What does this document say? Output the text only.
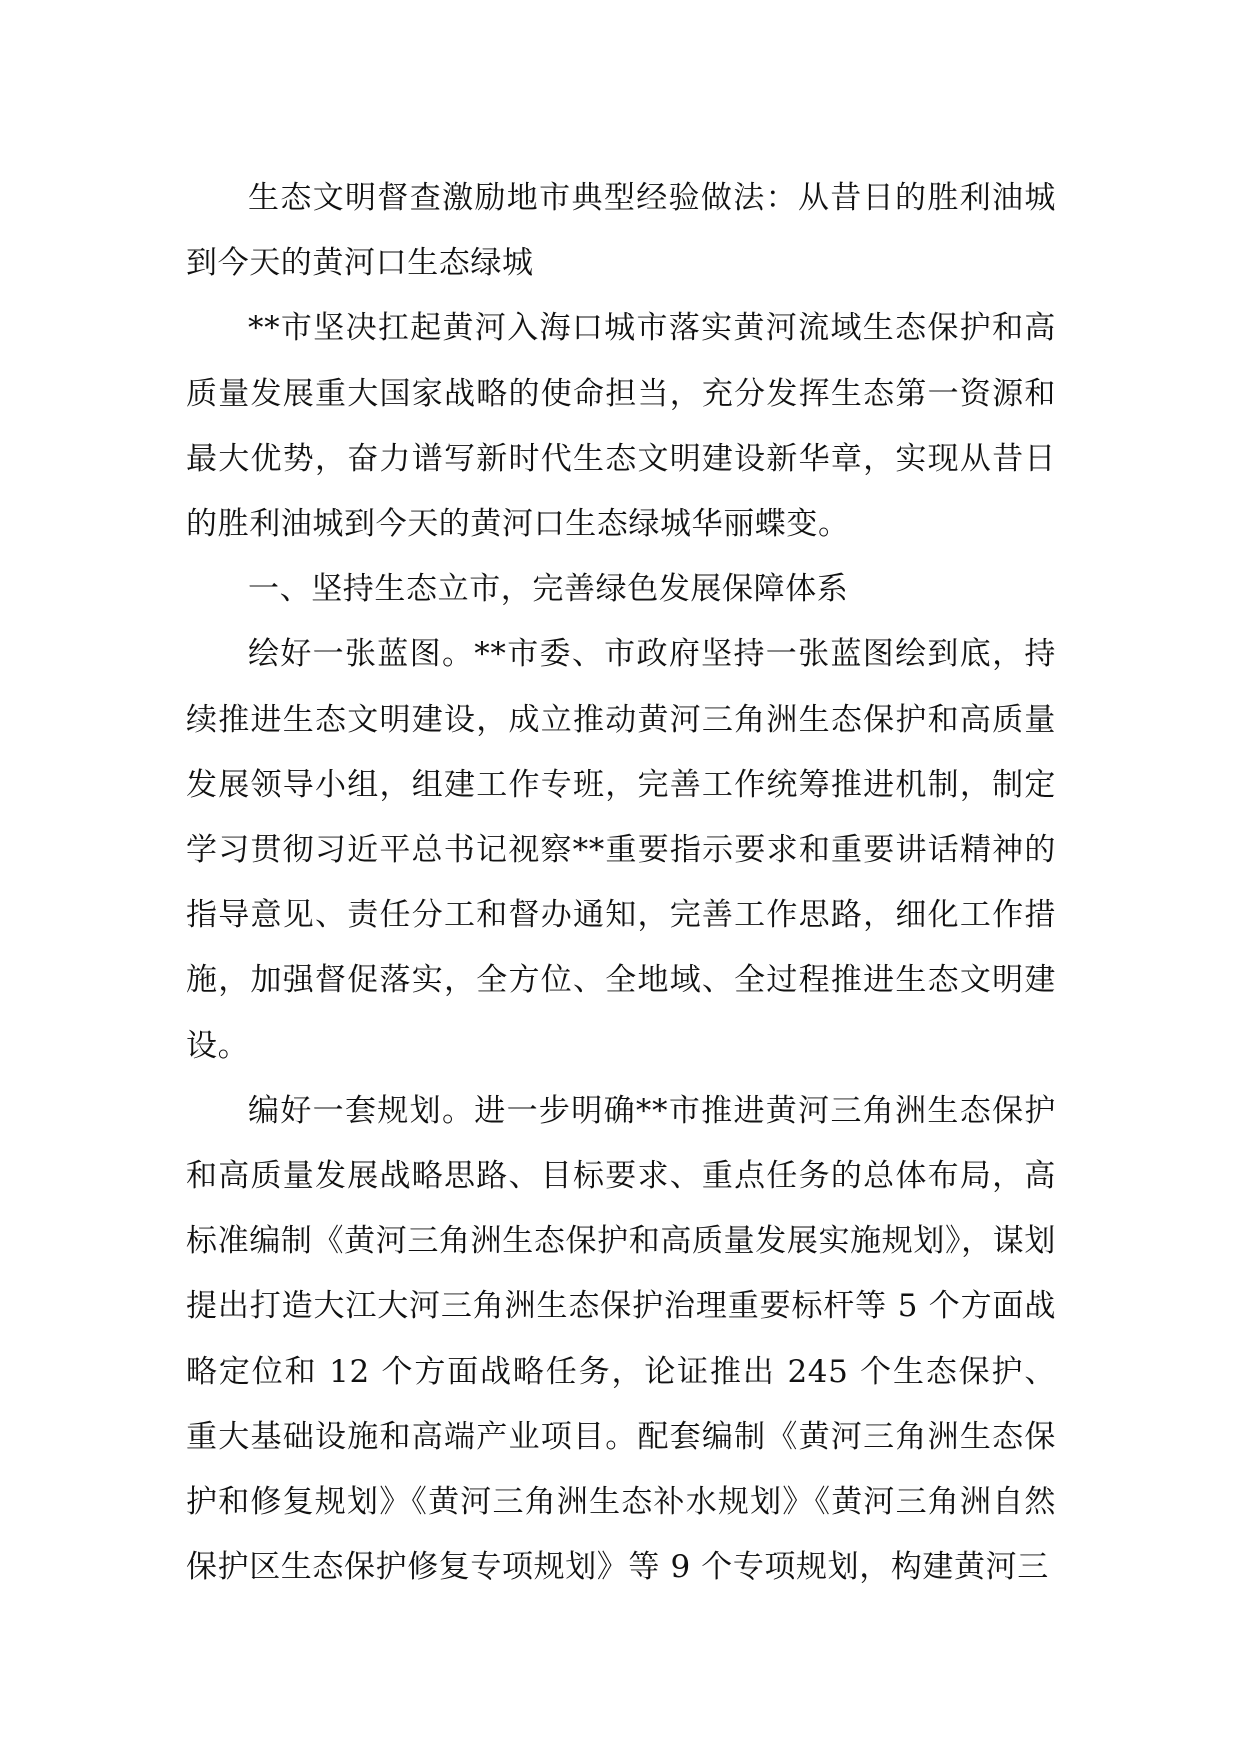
生态文明督查激励地市典型经验做法：从昔日的胜利油城到今天的黄河口生态绿城

**市坚决扛起黄河入海口城市落实黄河流域生态保护和高质量发展重大国家战略的使命担当，充分发挥生态第一资源和最大优势，奋力谱写新时代生态文明建设新华章，实现从昔日的胜利油城到今天的黄河口生态绿城华丽蝶变。

一、坚持生态立市，完善绿色发展保障体系

绘好一张蓝图。**市委、市政府坚持一张蓝图绘到底，持续推进生态文明建设，成立推动黄河三角洲生态保护和高质量发展领导小组，组建工作专班，完善工作统筹推进机制，制定学习贯彻习近平总书记视察**重要指示要求和重要讲话精神的指导意见、责任分工和督办通知，完善工作思路，细化工作措施，加强督促落实，全方位、全地域、全过程推进生态文明建设。

编好一套规划。进一步明确**市推进黄河三角洲生态保护和高质量发展战略思路、目标要求、重点任务的总体布局，高标准编制《黄河三角洲生态保护和高质量发展实施规划》，谋划提出打造大江大河三角洲生态保护治理重要标杆等 5 个方面战略定位和 12 个方面战略任务，论证推出 245 个生态保护、重大基础设施和高端产业项目。配套编制《黄河三角洲生态保护和修复规划》《黄河三角洲生态补水规划》《黄河三角洲自然保护区生态保护修复专项规划》等 9 个专项规划，构建黄河三
